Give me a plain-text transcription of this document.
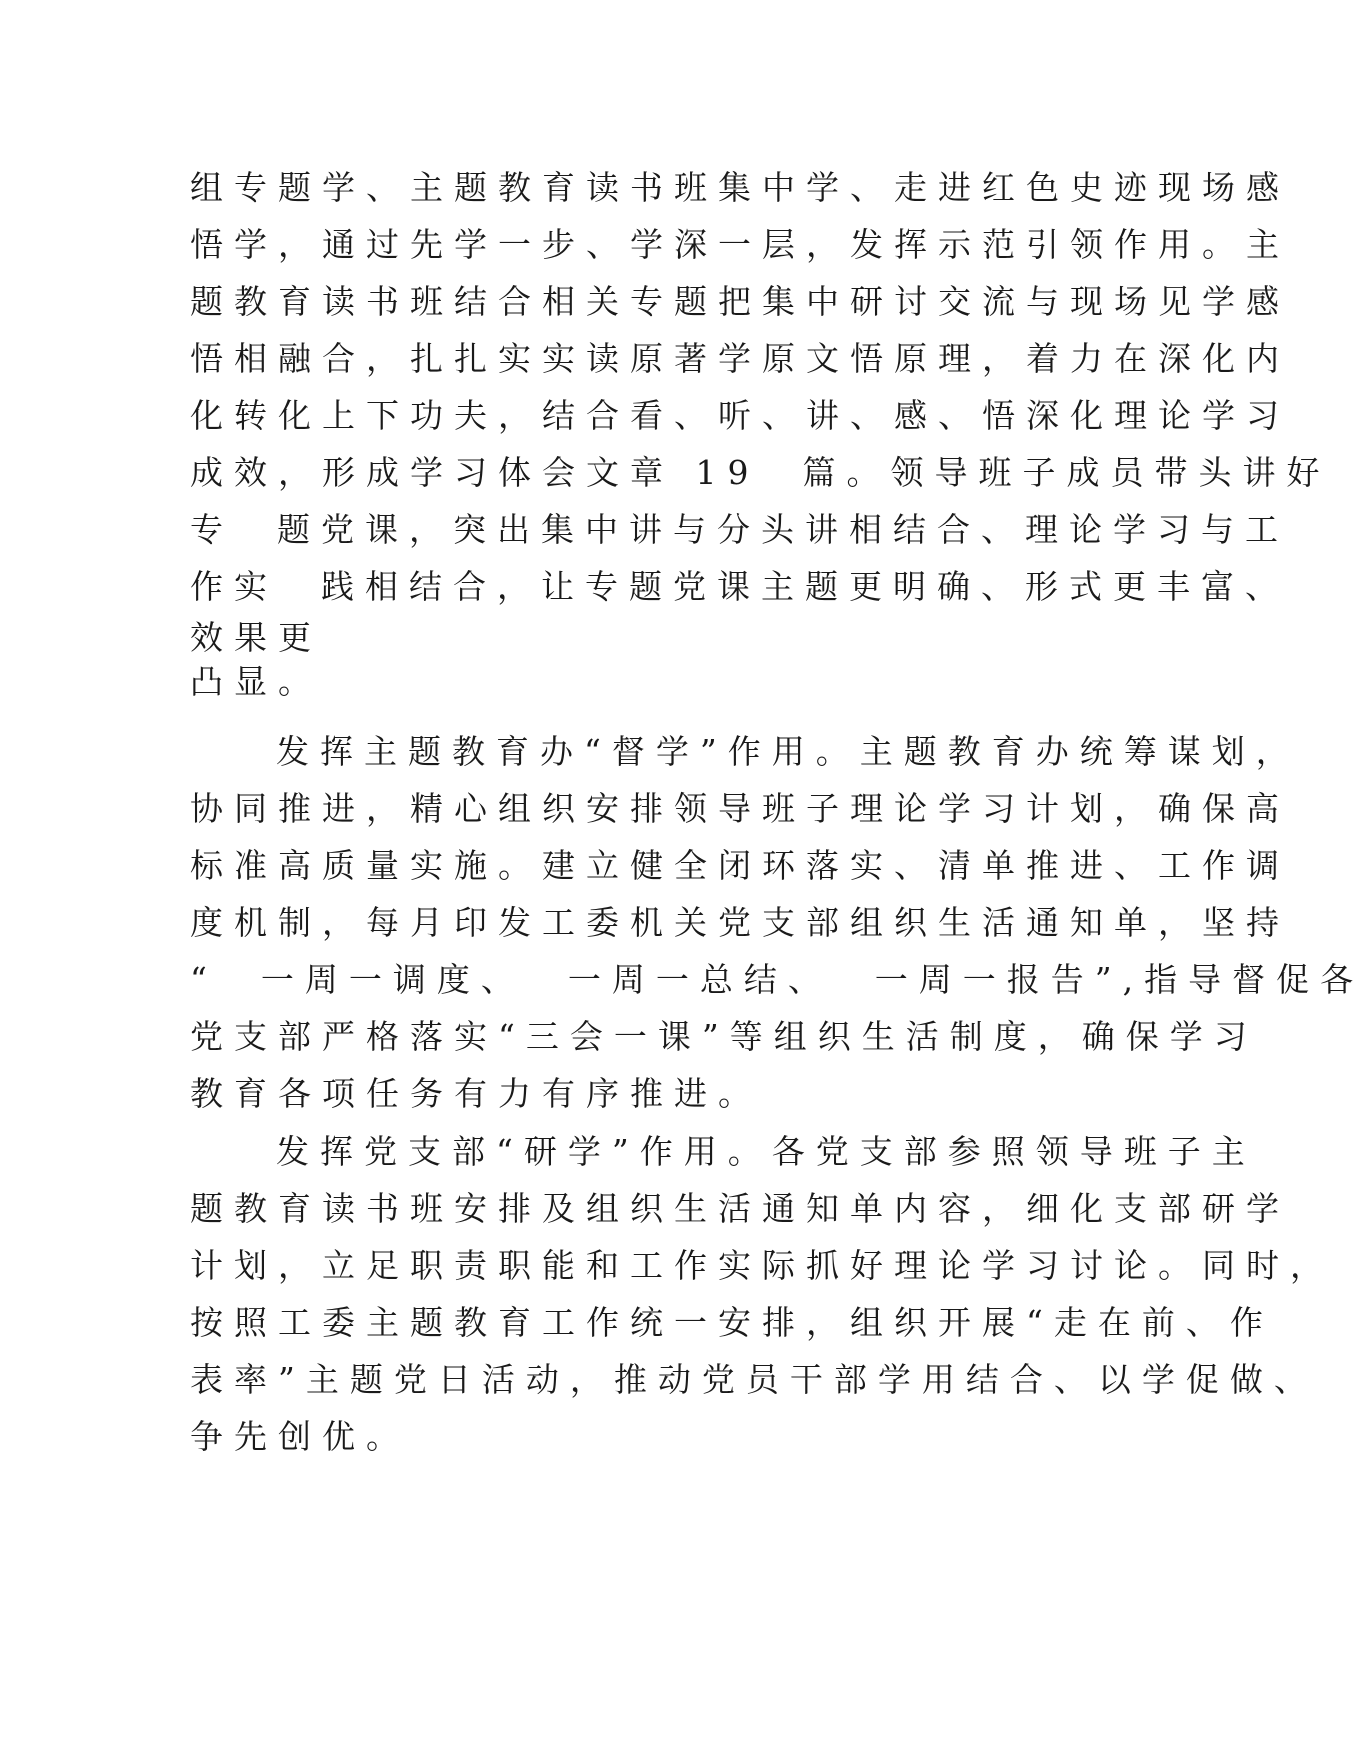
组专题学、主题教育读书班集中学、走进红色史迹现场感
悟学，通过先学一步、学深一层，发挥示范引领作用。主
题教育读书班结合相关专题把集中研讨交流与现场见学感
悟相融合，扎扎实实读原著学原文悟原理，着力在深化内
化转化上下功夫，结合看、听、讲、感、悟深化理论学习
成效，形成学习体会文章 19  篇。领导班子成员带头讲好
专  题党课，突出集中讲与分头讲相结合、理论学习与工
作实  践相结合，让专题党课主题更明确、形式更丰富、
效果更
凸显。
发挥主题教育办“督学”作用。主题教育办统筹谋划，
协同推进，精心组织安排领导班子理论学习计划，确保高
标准高质量实施。建立健全闭环落实、清单推进、工作调
度机制，每月印发工委机关党支部组织生活通知单，坚持
“  一周一调度、  一周一总结、  一周一报告”,指导督促各
党支部严格落实“三会一课”等组织生活制度，确保学习
教育各项任务有力有序推进。
发挥党支部“研学”作用。各党支部参照领导班子主
题教育读书班安排及组织生活通知单内容，细化支部研学
计划，立足职责职能和工作实际抓好理论学习讨论。同时，
按照工委主题教育工作统一安排，组织开展“走在前、作
表率”主题党日活动，推动党员干部学用结合、以学促做、
争先创优。
